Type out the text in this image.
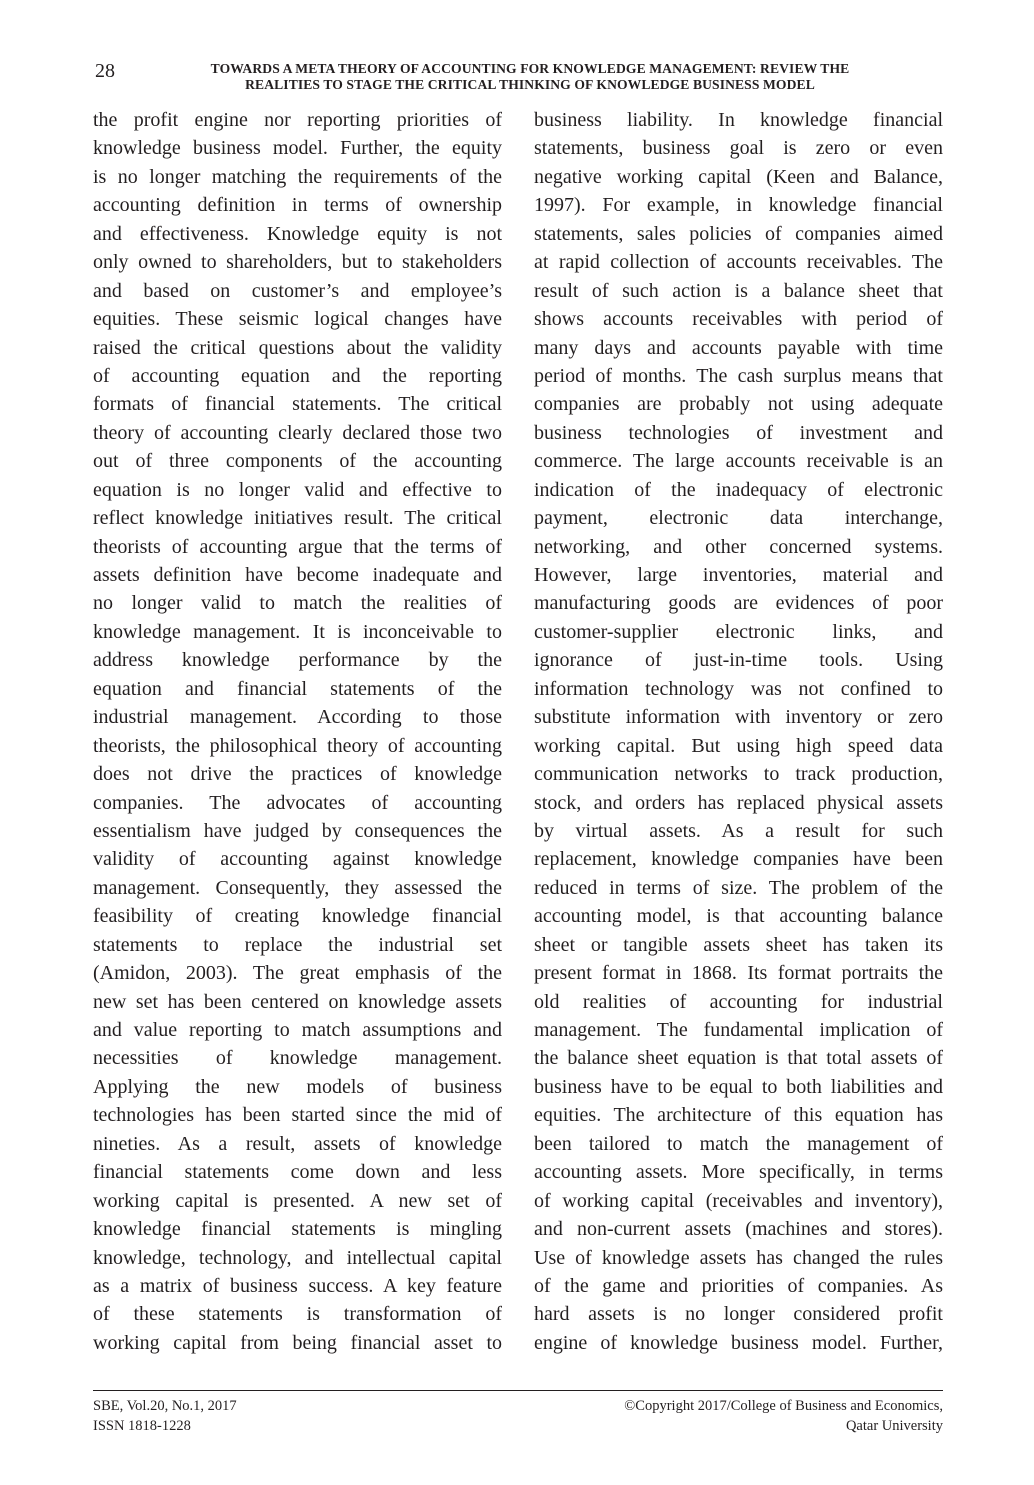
28	TOWARDS A META THEORY OF ACCOUNTING FOR KNOWLEDGE MANAGEMENT: REVIEW THE
REALITIES TO STAGE THE CRITICAL THINKING OF KNOWLEDGE BUSINESS MODEL
the profit engine nor reporting priorities of
knowledge business model. Further, the equity
is no longer matching the requirements of the
accounting definition in terms of ownership
and effectiveness. Knowledge equity is not
only owned to shareholders, but to stakeholders
and based on customer’s and employee’s
equities. These seismic logical changes have
raised the critical questions about the validity
of accounting equation and the reporting
formats of financial statements. The critical
theory of accounting clearly declared those two
out of three components of the accounting
equation is no longer valid and effective to
reflect knowledge initiatives result. The critical
theorists of accounting argue that the terms of
assets definition have become inadequate and
no longer valid to match the realities of
knowledge management. It is inconceivable to
address knowledge performance by the
equation and financial statements of the
industrial management. According to those
theorists, the philosophical theory of accounting
does not drive the practices of knowledge
companies. The advocates of accounting
essentialism have judged by consequences the
validity of accounting against knowledge
management. Consequently, they assessed the
feasibility of creating knowledge financial
statements to replace the industrial set
(Amidon, 2003). The great emphasis of the
new set has been centered on knowledge assets
and value reporting to match assumptions and
necessities of knowledge management.
Applying the new models of business
technologies has been started since the mid of
nineties. As a result, assets of knowledge
financial statements come down and less
working capital is presented. A new set of
knowledge financial statements is mingling
knowledge, technology, and intellectual capital
as a matrix of business success. A key feature
of these statements is transformation of
working capital from being financial asset to
business liability. In knowledge financial
statements, business goal is zero or even
negative working capital (Keen and Balance,
1997). For example, in knowledge financial
statements, sales policies of companies aimed
at rapid collection of accounts receivables. The
result of such action is a balance sheet that
shows accounts receivables with period of
many days and accounts payable with time
period of months. The cash surplus means that
companies are probably not using adequate
business technologies of investment and
commerce. The large accounts receivable is an
indication of the inadequacy of electronic
payment, electronic data interchange,
networking, and other concerned systems.
However, large inventories, material and
manufacturing goods are evidences of poor
customer-supplier electronic links, and
ignorance of just-in-time tools. Using
information technology was not confined to
substitute information with inventory or zero
working capital. But using high speed data
communication networks to track production,
stock, and orders has replaced physical assets
by virtual assets. As a result for such
replacement, knowledge companies have been
reduced in terms of size. The problem of the
accounting model, is that accounting balance
sheet or tangible assets sheet has taken its
present format in 1868. Its format portraits the
old realities of accounting for industrial
management. The fundamental implication of
the balance sheet equation is that total assets of
business have to be equal to both liabilities and
equities. The architecture of this equation has
been tailored to match the management of
accounting assets. More specifically, in terms
of working capital (receivables and inventory),
and non-current assets (machines and stores).
Use of knowledge assets has changed the rules
of the game and priorities of companies. As
hard assets is no longer considered profit
engine of knowledge business model. Further,
SBE, Vol.20, No.1, 2017
ISSN 1818-1228
©Copyright 2017/College of Business and Economics,
Qatar University
